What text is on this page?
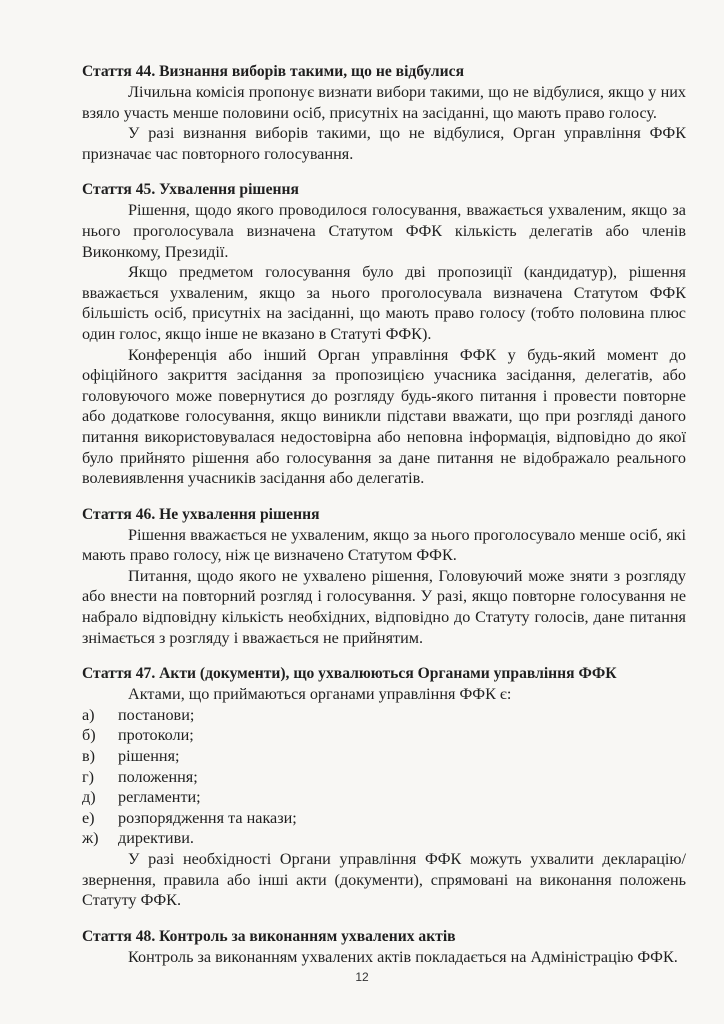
Стаття 44. Визнання виборів такими, що не відбулися

Лічильна комісія пропонує визнати вибори такими, що не відбулися, якщо у них взяло участь менше половини осіб, присутніх на засіданні, що мають право голосу.

У разі визнання виборів такими, що не відбулися, Орган управління ФФК призначає час повторного голосування.

Стаття 45. Ухвалення рішення

Рішення, щодо якого проводилося голосування, вважається ухваленим, якщо за нього проголосувала визначена Статутом ФФК кількість делегатів або членів Виконкому, Президії.

Якщо предметом голосування було дві пропозиції (кандидатур), рішення вважається ухваленим, якщо за нього проголосувала визначена Статутом ФФК більшість осіб, присутніх на засіданні, що мають право голосу (тобто половина плюс один голос, якщо інше не вказано в Статуті ФФК).

Конференція або інший Орган управління ФФК у будь-який момент до офіційного закриття засідання за пропозицією учасника засідання, делегатів, або головуючого може повернутися до розгляду будь-якого питання і провести повторне або додаткове голосування, якщо виникли підстави вважати, що при розгляді даного питання використовувалася недостовірна або неповна інформація, відповідно до якої було прийнято рішення або голосування за дане питання не відображало реального волевиявлення учасників засідання або делегатів.

Стаття 46. Не ухвалення рішення

Рішення вважається не ухваленим, якщо за нього проголосувало менше осіб, які мають право голосу, ніж це визначено Статутом ФФК.

Питання, щодо якого не ухвалено рішення, Головуючий може зняти з розгляду або внести на повторний розгляд і голосування. У разі, якщо повторне голосування не набрало відповідну кількість необхідних, відповідно до Статуту голосів, дане питання знімається з розгляду і вважається не прийнятим.

Стаття 47. Акти (документи), що ухвалюються Органами управління ФФК

Актами, що приймаються органами управління ФФК є:

а) постанови;
б) протоколи;
в) рішення;
г) положення;
д) регламенти;
е) розпорядження та накази;
ж) директиви.

У разі необхідності Органи управління ФФК можуть ухвалити декларацію/звернення, правила або інші акти (документи), спрямовані на виконання положень Статуту ФФК.

Стаття 48. Контроль за виконанням ухвалених актів

Контроль за виконанням ухвалених актів покладається на Адміністрацію ФФК.

12
